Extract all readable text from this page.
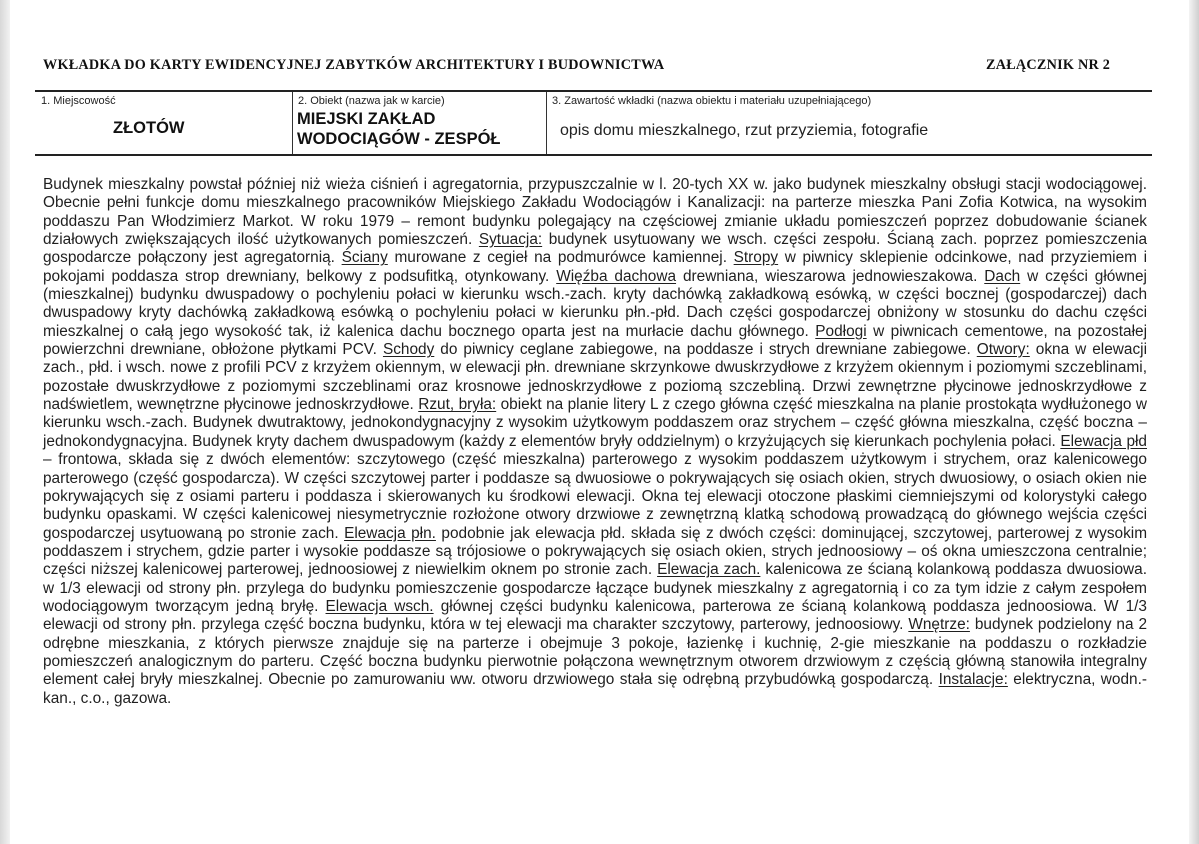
WKŁADKA DO KARTY EWIDENCYJNEJ ZABYTKÓW ARCHITEKTURY I BUDOWNICTWA	ZAŁĄCZNIK NR 2
1. Miejscowość
ZŁOTÓW
2. Obiekt (nazwa jak w karcie)
MIEJSKI ZAKŁAD
WODOCIĄGÓW - ZESPÓŁ
3. Zawartość wkładki (nazwa obiektu i materiału uzupełniającego)
opis domu mieszkalnego, rzut przyziemia, fotografie
Budynek mieszkalny powstał później niż wieża ciśnień i agregatornia, przypuszczalnie w l. 20-tych XX w. jako budynek mieszkalny obsługi stacji wodociągowej. Obecnie pełni funkcje domu mieszkalnego pracowników Miejskiego Zakładu Wodociągów i Kanalizacji: na parterze mieszka Pani Zofia Kotwica, na wysokim poddaszu Pan Włodzimierz Markot. W roku 1979 – remont budynku polegający na częściowej zmianie układu pomieszczeń poprzez dobudowanie ścianek działowych zwiększających ilość użytkowanych pomieszczeń. Sytuacja: budynek usytuowany we wsch. części zespołu. Ścianą zach. poprzez pomieszczenia gospodarcze połączony jest agregatornią. Ściany murowane z cegieł na podmurówce kamiennej. Stropy w piwnicy sklepienie odcinkowe, nad przyziemiem i pokojami poddasza strop drewniany, belkowy z podsufitką, otynkowany. Więźba dachowa drewniana, wieszarowa jednowieszakowa. Dach w części głównej (mieszkalnej) budynku dwuspadowy o pochyleniu połaci w kierunku wsch.-zach. kryty dachówką zakładkową esówką, w części bocznej (gospodarczej) dach dwuspadowy kryty dachówką zakładkową esówką o pochyleniu połaci w kierunku płn.-płd. Dach części gospodarczej obniżony w stosunku do dachu części mieszkalnej o całą jego wysokość tak, iż kalenica dachu bocznego oparta jest na murłacie dachu głównego. Podłogi w piwnicach cementowe, na pozostałej powierzchni drewniane, obłożone płytkami PCV. Schody do piwnicy ceglane zabiegowe, na poddasze i strych drewniane zabiegowe. Otwory: okna w elewacji zach., płd. i wsch. nowe z profili PCV z krzyżem okiennym, w elewacji płn. drewniane skrzynkowe dwuskrzydłowe z krzyżem okiennym i poziomymi szczeblinami, pozostałe dwuskrzydłowe z poziomymi szczeblinami oraz krosnowe jednoskrzydłowe z poziomą szczebliną. Drzwi zewnętrzne płycinowe jednoskrzydłowe z nadświetlem, wewnętrzne płycinowe jednoskrzydłowe. Rzut, bryła: obiekt na planie litery L z czego główna część mieszkalna na planie prostokąta wydłużonego w kierunku wsch.-zach. Budynek dwutraktowy, jednokondygnacyjny z wysokim użytkowym poddaszem oraz strychem – część główna mieszkalna, część boczna – jednokondygnacyjna. Budynek kryty dachem dwuspadowym (każdy z elementów bryły oddzielnym) o krzyżujących się kierunkach pochylenia połaci. Elewacja płd – frontowa, składa się z dwóch elementów: szczytowego (część mieszkalna) parterowego z wysokim poddaszem użytkowym i strychem, oraz kalenicowego parterowego (część gospodarcza). W części szczytowej parter i poddasze są dwuosiowe o pokrywających się osiach okien, strych dwuosiowy, o osiach okien nie pokrywających się z osiami parteru i poddasza i skierowanych ku środkowi elewacji. Okna tej elewacji otoczone płaskimi ciemniejszymi od kolorystyki całego budynku opaskami. W części kalenicowej niesymetrycznie rozłożone otwory drzwiowe z zewnętrzną klatką schodową prowadzącą do głównego wejścia części gospodarczej usytuowaną po stronie zach. Elewacja płn. podobnie jak elewacja płd. składa się z dwóch części: dominującej, szczytowej, parterowej z wysokim poddaszem i strychem, gdzie parter i wysokie poddasze są trójosiowe o pokrywających się osiach okien, strych jednoosiowy – oś okna umieszczona centralnie; części niższej kalenicowej parterowej, jednoosiowej z niewielkim oknem po stronie zach. Elewacja zach. kalenicowa ze ścianą kolankową poddasza dwuosiowa. w 1/3 elewacji od strony płn. przylega do budynku pomieszczenie gospodarcze łączące budynek mieszkalny z agregatornią i co za tym idzie z całym zespołem wodociągowym tworzącym jedną bryłę. Elewacja wsch. głównej części budynku kalenicowa, parterowa ze ścianą kolankową poddasza jednoosiowa. W 1/3 elewacji od strony płn. przylega część boczna budynku, która w tej elewacji ma charakter szczytowy, parterowy, jednoosiowy. Wnętrze: budynek podzielony na 2 odrębne mieszkania, z których pierwsze znajduje się na parterze i obejmuje 3 pokoje, łazienkę i kuchnię, 2-gie mieszkanie na poddaszu o rozkładzie pomieszczeń analogicznym do parteru. Część boczna budynku pierwotnie połączona wewnętrznym otworem drzwiowym z częścią główną stanowiła integralny element całej bryły mieszkalnej. Obecnie po zamurowaniu ww. otworu drzwiowego stała się odrębną przybudówką gospodarczą. Instalacje: elektryczna, wodn.-kan., c.o., gazowa.
